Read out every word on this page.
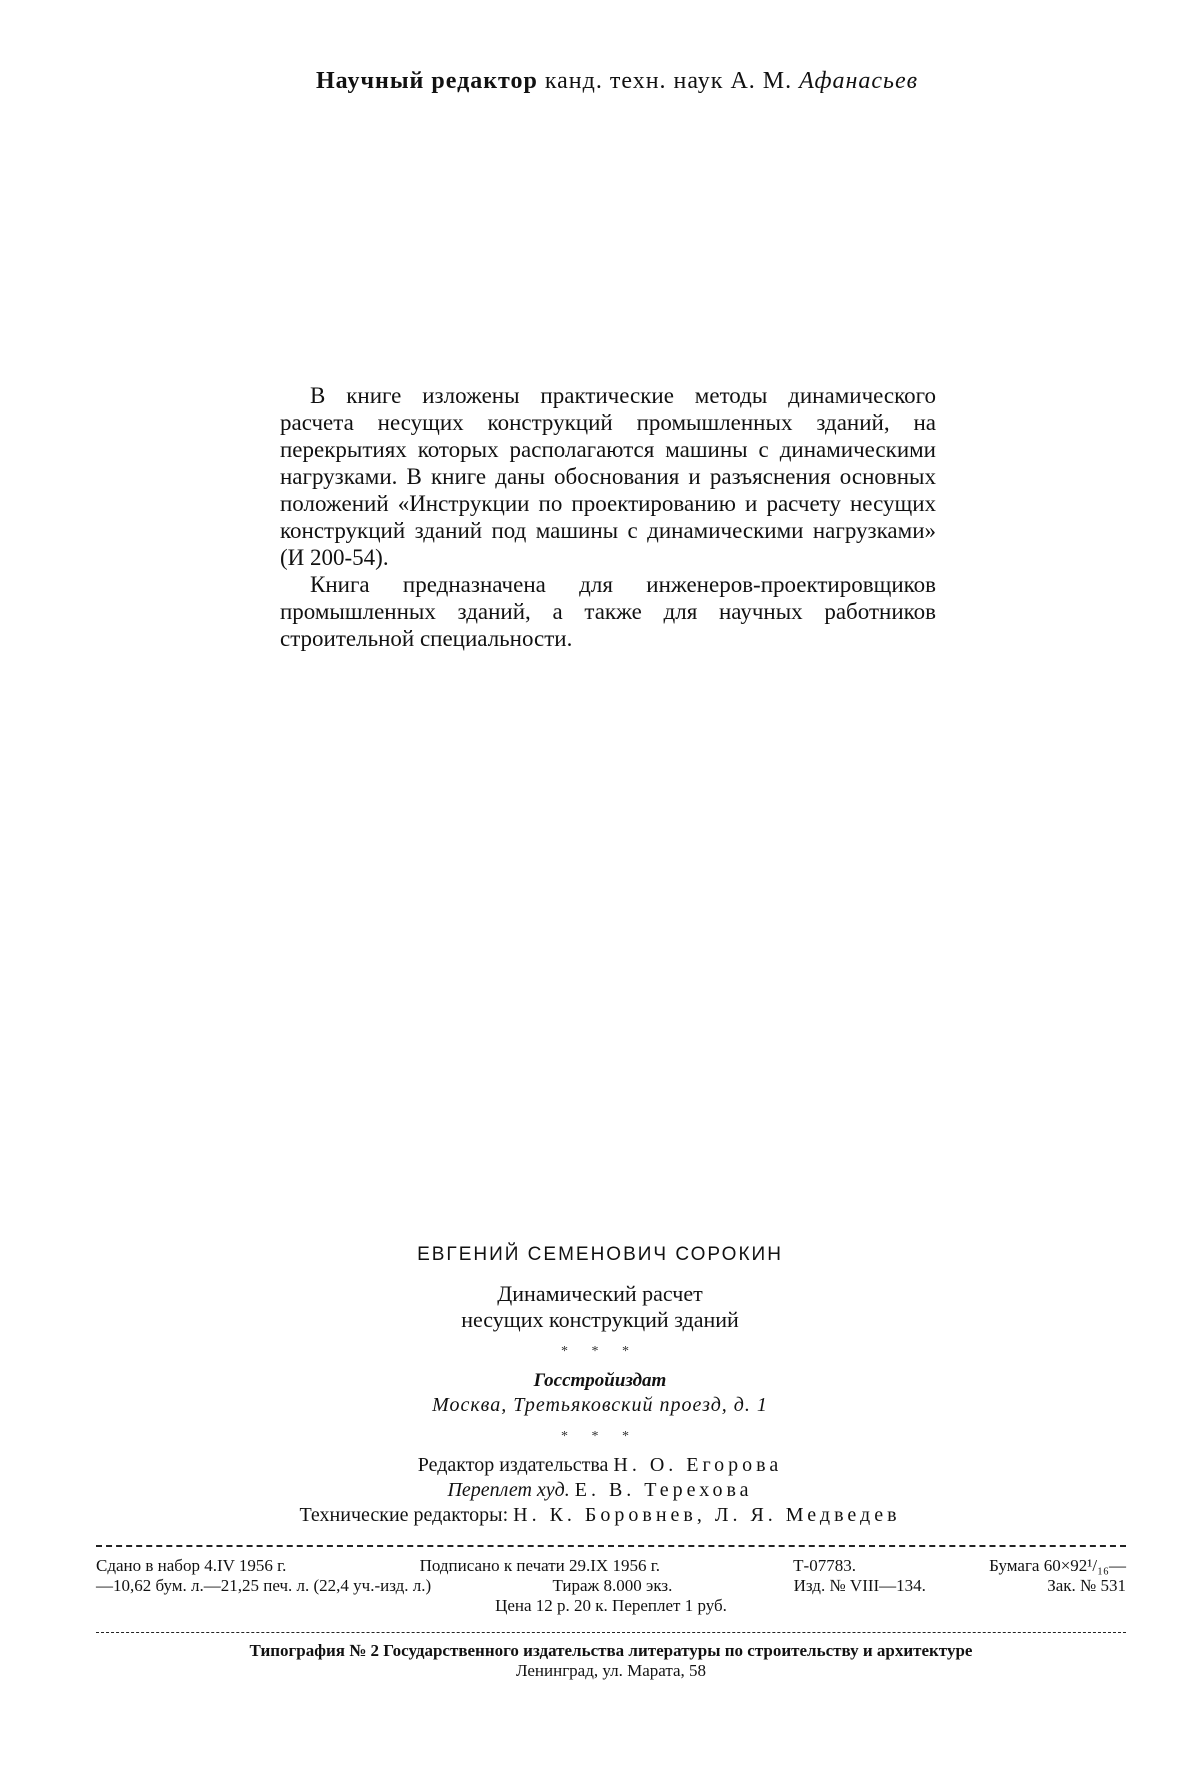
Научный редактор канд. техн. наук А. М. Афанасьев

В книге изложены практические методы динамического расчета несущих конструкций промышленных зданий, на перекрытиях которых располагаются машины с динамическими нагрузками. В книге даны обоснования и разъяснения основных положений «Инструкции по проектированию и расчету несущих конструкций зданий под машины с динамическими нагрузками» (И 200-54).

Книга предназначена для инженеров-проектировщиков промышленных зданий, а также для научных работников строительной специальности.

ЕВГЕНИЙ СЕМЕНОВИЧ СОРОКИН
Динамический расчет
несущих конструкций зданий
* * *
Госстройиздат
Москва, Третьяковский проезд, д. 1
* * *
Редактор издательства Н. О. Егорова
Переплет худ. Е. В. Терехова
Технические редакторы: Н. К. Боровнев, Л. Я. Медведев
Сдано в набор 4.IV 1956 г.	Подписано к печати 29.IX 1956 г.	Т-07783.	Бумага 60×92¹/₁₆—
—10,62 бум. л.—21,25 печ. л. (22,4 уч.-изд. л.)	Тираж 8.000 экз.	Изд. № VIII—134.	Зак. № 531
Цена 12 р. 20 к. Переплет 1 руб.
Типография № 2 Государственного издательства литературы по строительству и архитектуре
Ленинград, ул. Марата, 58
